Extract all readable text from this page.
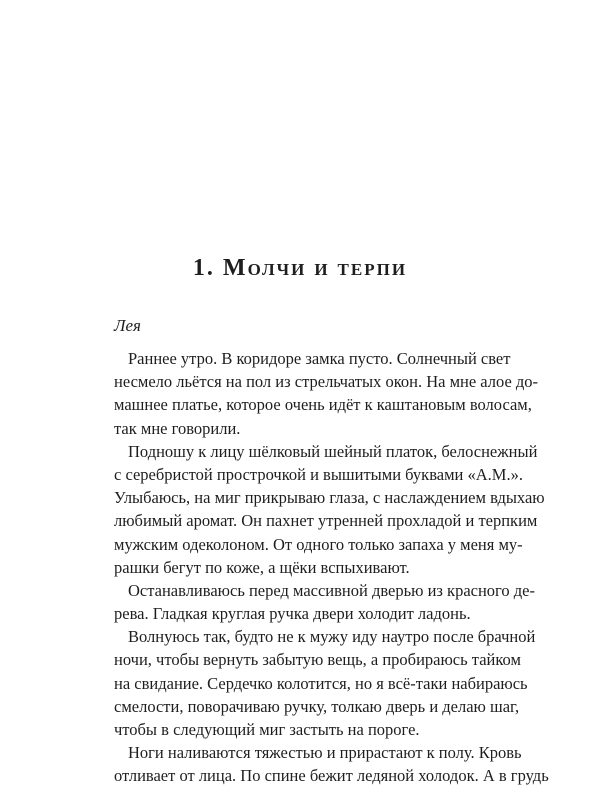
1. Молчи и терпи

Лея

Раннее утро. В коридоре замка пусто. Солнечный свет
несмело льётся на пол из стрельчатых окон. На мне алое до-
машнее платье, которое очень идёт к каштановым волосам,
так мне говорили.
Подношу к лицу шёлковый шейный платок, белоснежный
с серебристой прострочкой и вышитыми буквами «А.М.».
Улыбаюсь, на миг прикрываю глаза, с наслаждением вдыхаю
любимый аромат. Он пахнет утренней прохладой и терпким
мужским одеколоном. От одного только запаха у меня му-
рашки бегут по коже, а щёки вспыхивают.
Останавливаюсь перед массивной дверью из красного де-
рева. Гладкая круглая ручка двери холодит ладонь.
Волнуюсь так, будто не к мужу иду наутро после брачной
ночи, чтобы вернуть забытую вещь, а пробираюсь тайком
на свидание. Сердечко колотится, но я всё-таки набираюсь
смелости, поворачиваю ручку, толкаю дверь и делаю шаг,
чтобы в следующий миг застыть на пороге.
Ноги наливаются тяжестью и прирастают к полу. Кровь
отливает от лица. По спине бежит ледяной холодок. А в грудь
